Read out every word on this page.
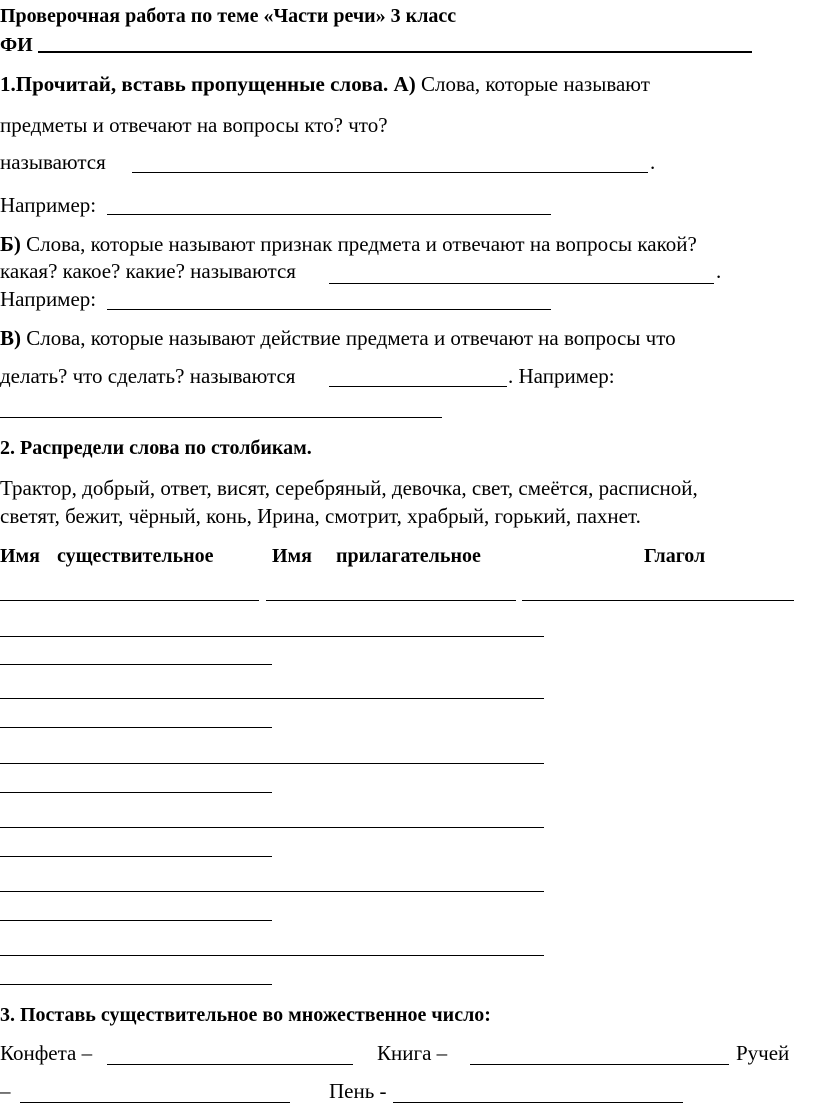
Проверочная работа по теме «Части речи» 3 класс
ФИ
1.Прочитай, вставь пропущенные слова. А) Слова, которые называют
предметы и отвечают на вопросы кто? что?
называются	.
Например:
Б) Слова, которые называют признак предмета и отвечают на вопросы какой?
какая? какое? какие? называются	.
Например:
В) Слова, которые называют действие предмета и отвечают на вопросы что
делать? что сделать? называются	. Например:
2. Распредели слова по столбикам.
Трактор, добрый, ответ, висят, серебряный, девочка, свет, смеётся, расписной,
светят, бежит, чёрный, конь, Ирина, смотрит, храбрый, горький, пахнет.
Имя существительное	Имя прилагательное	Глагол
3. Поставь существительное во множественное число:
Конфета –	Книга –	Ручей
–	Пень -
